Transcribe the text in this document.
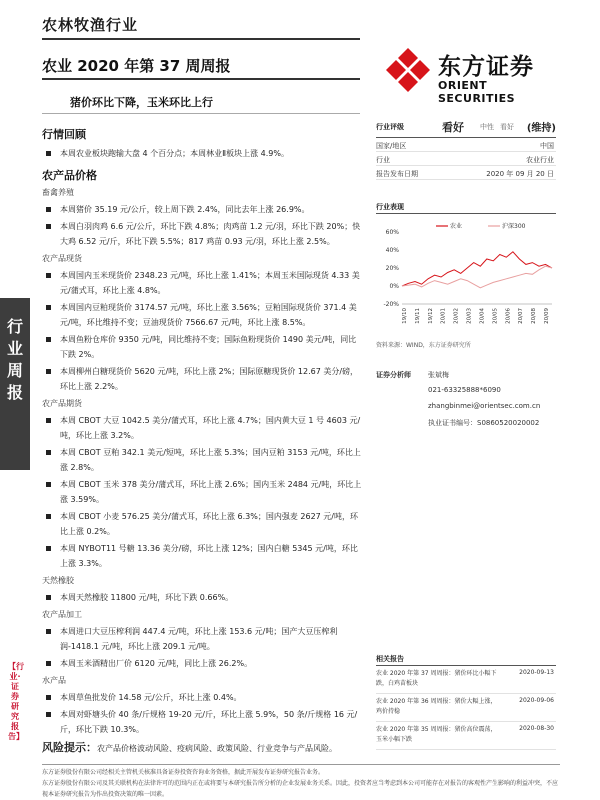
农林牧渔行业
农业 2020 年第 37 周周报
猪价环比下降，玉米环比上行
东方证券
ORIENT SECURITIES
行情回顾
本周农业板块跑输大盘 4 个百分点；本周林业Ⅱ板块上涨 4.9%。
农产品价格
畜禽养殖
本周猪价 35.19 元/公斤，较上周下跌 2.4%，同比去年上涨 26.9%。
本周白羽肉鸡 6.6 元/公斤，环比下跌 4.8%；肉鸡苗 1.2 元/羽，环比下跌 20%；快大鸡 6.52 元/斤，环比下跌 5.5%；817 鸡苗 0.93 元/羽，环比上涨 2.5%。
农产品现货
本周国内玉米现货价 2348.23 元/吨，环比上涨 1.41%；本周玉米国际现货 4.33 美元/蒲式耳，环比上涨 4.8%。
本周国内豆粕现货价 3174.57 元/吨，环比上涨 3.56%；豆粕国际现货价 371.4 美元/吨，环比维持不变；豆油现货价 7566.67 元/吨，环比上涨 8.5%。
本周鱼粉仓库价 9350 元/吨，同比维持不变；国际鱼粉现货价 1490 美元/吨，同比下跌 2%。
本周柳州白糖现货价 5620 元/吨，环比上涨 2%；国际原糖现货价 12.67 美分/磅，环比上涨 2.2%。
农产品期货
本周 CBOT 大豆 1042.5 美分/蒲式耳，环比上涨 4.7%；国内黄大豆 1 号 4603 元/吨，环比上涨 3.2%。
本周 CBOT 豆粕 342.1 美元/短吨，环比上涨 5.3%；国内豆粕 3153 元/吨，环比上涨 2.8%。
本周 CBOT 玉米 378 美分/蒲式耳，环比上涨 2.6%；国内玉米 2484 元/吨，环比上涨 3.59%。
本周 CBOT 小麦 576.25 美分/蒲式耳，环比上涨 6.3%；国内强麦 2627 元/吨，环比上涨 0.2%。
本周 NYBOT11 号糖 13.36 美分/磅，环比上涨 12%；国内白糖 5345 元/吨，环比上涨 3.3%。
天然橡胶
本周天然橡胶 11800 元/吨，环比下跌 0.66%。
农产品加工
本周进口大豆压榨利润 447.4 元/吨，环比上涨 153.6 元/吨；国产大豆压榨利润-1418.1 元/吨，环比上涨 209.1 元/吨。
本周玉米酒精出厂价 6120 元/吨，同比上涨 26.2%。
水产品
本周草鱼批发价 14.58 元/公斤，环比上涨 0.4%。
本周对虾塘头价 40 条/斤规格 19-20 元/斤，环比上涨 5.9%，50 条/斤规格 16 元/斤，环比下跌 10.3%。
风险提示：农产品价格波动风险、疫病风险、政策风险、行业竞争与产品风险。
行业评级	看好 中性 看好 (维持)
国家/地区	中国
行业	农业行业
报告发布日期	2020 年 09 月 20 日
行业表现
60%
40%
20%
0%
-20%
19/10 19/11 19/12 20/01 20/02 20/03 20/04 20/05 20/06 20/07 20/08 20/09
农业	沪深300
资料来源：WIND，东方证券研究所
证券分析师 张斌梅
021-63325888*6090
zhangbinmei@orientsec.com.cn
执业证书编号：S0860520020002
相关报告
农业 2020 年第 37 周周报：猪价环比小幅下跌，白鸡苗板块
2020-09-13
农业 2020 年第 36 周周报：猪价大幅上涨，鸡价持稳
2020-09-06
农业 2020 年第 35 周周报：猪价高位震荡，玉米小幅下跌
2020-08-30
行业周报
【行业·证券研究报告】
东方证券股份有限公司经相关主管机关核准具备证券投资咨询业务资格，据此开展发布证券研究报告业务。
东方证券股份有限公司及其关联机构在法律许可的范围内正在或将要与本研究报告所分析的企业发展业务关系。因此，投资者应当考虑到本公司可能存在对报告的客观性产生影响的利益冲突，不应视本证券研究报告为作出投资决策的唯一因素。
